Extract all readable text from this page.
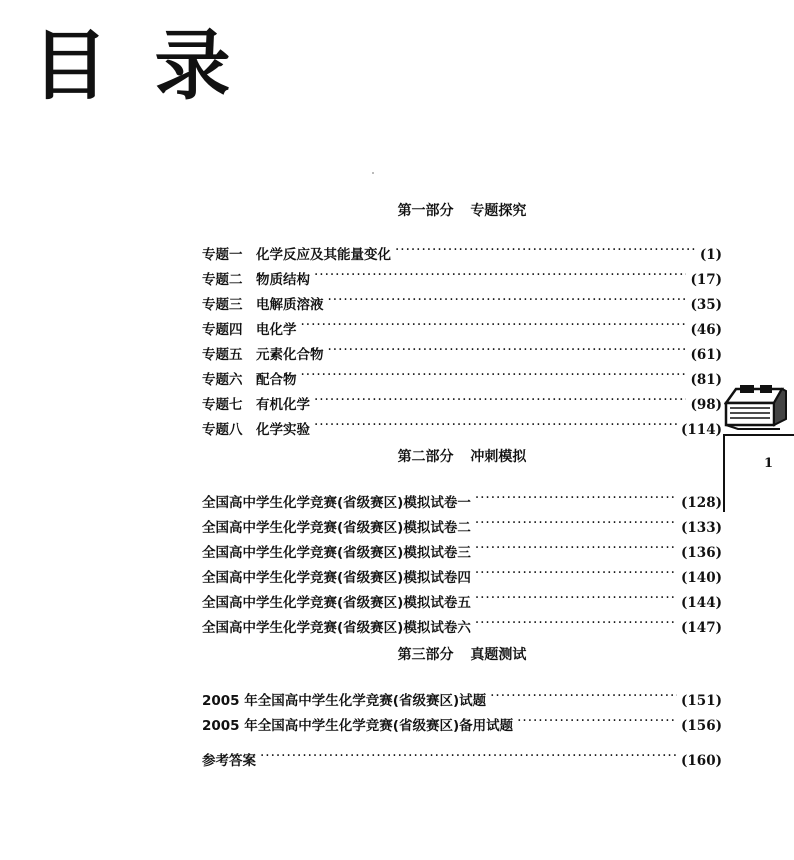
目 录
第一部分 专题探究
专题一　化学反应及其能量变化 .....	(1)
专题二　物质结构 .....	(17)
专题三　电解质溶液 .....	(35)
专题四　电化学 .....	(46)
专题五　元素化合物 .....	(61)
专题六　配合物 .....	(81)
专题七　有机化学 .....	(98)
专题八　化学实验 .....	(114)
第二部分 冲刺模拟
全国高中学生化学竞赛(省级赛区)模拟试卷一 .....	(128)
全国高中学生化学竞赛(省级赛区)模拟试卷二 .....	(133)
全国高中学生化学竞赛(省级赛区)模拟试卷三 .....	(136)
全国高中学生化学竞赛(省级赛区)模拟试卷四 .....	(140)
全国高中学生化学竞赛(省级赛区)模拟试卷五 .....	(144)
全国高中学生化学竞赛(省级赛区)模拟试卷六 .....	(147)
第三部分 真题测试
2005 年全国高中学生化学竞赛(省级赛区)试题 .....	(151)
2005 年全国高中学生化学竞赛(省级赛区)备用试题 .....	(156)
参考答案 .....	(160)
1
